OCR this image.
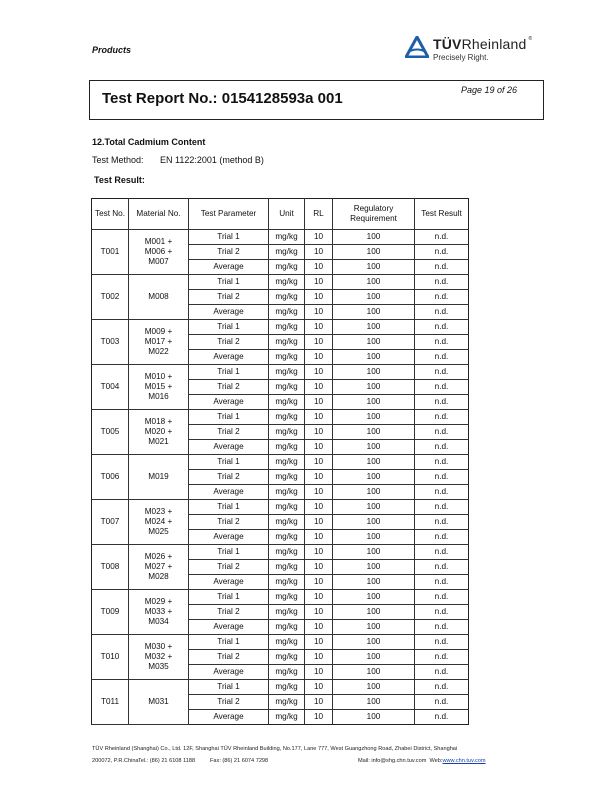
Products	TÜVRheinland ®
Precisely Right.
Test Report No.: 0154128593a 001	Page 19 of 26
12.Total Cadmium Content
Test Method: EN 1122:2001 (method B)
Test Result:
Test No.	Material No.	Test Parameter	Unit	RL	Regulatory Requirement	Test Result
T001	M001 + M006 + M007	Trial 1	mg/kg	10	100	n.d.
		Trial 2	mg/kg	10	100	n.d.
		Average	mg/kg	10	100	n.d.
T002	M008	Trial 1	mg/kg	10	100	n.d.
		Trial 2	mg/kg	10	100	n.d.
		Average	mg/kg	10	100	n.d.
T003	M009 + M017 + M022	Trial 1	mg/kg	10	100	n.d.
		Trial 2	mg/kg	10	100	n.d.
		Average	mg/kg	10	100	n.d.
T004	M010 + M015 + M016	Trial 1	mg/kg	10	100	n.d.
		Trial 2	mg/kg	10	100	n.d.
		Average	mg/kg	10	100	n.d.
T005	M018 + M020 + M021	Trial 1	mg/kg	10	100	n.d.
		Trial 2	mg/kg	10	100	n.d.
		Average	mg/kg	10	100	n.d.
T006	M019	Trial 1	mg/kg	10	100	n.d.
		Trial 2	mg/kg	10	100	n.d.
		Average	mg/kg	10	100	n.d.
T007	M023 + M024 + M025	Trial 1	mg/kg	10	100	n.d.
		Trial 2	mg/kg	10	100	n.d.
		Average	mg/kg	10	100	n.d.
T008	M026 + M027 + M028	Trial 1	mg/kg	10	100	n.d.
		Trial 2	mg/kg	10	100	n.d.
		Average	mg/kg	10	100	n.d.
T009	M029 + M033 + M034	Trial 1	mg/kg	10	100	n.d.
		Trial 2	mg/kg	10	100	n.d.
		Average	mg/kg	10	100	n.d.
T010	M030 + M032 + M035	Trial 1	mg/kg	10	100	n.d.
		Trial 2	mg/kg	10	100	n.d.
		Average	mg/kg	10	100	n.d.
T011	M031	Trial 1	mg/kg	10	100	n.d.
		Trial 2	mg/kg	10	100	n.d.
		Average	mg/kg	10	100	n.d.
TÜV Rheinland (Shanghai) Co., Ltd. 12F, Shanghai TÜV Rheinland Building, No.177, Lane 777, West Guangzhong Road, Zhabei District, Shanghai
200072, P.R.China Tel.: (86) 21 6108 1188	Fax: (86) 21 6074 7298	Mail: info@shg.chn.tuv.com Web:www.chn.tuv.com
